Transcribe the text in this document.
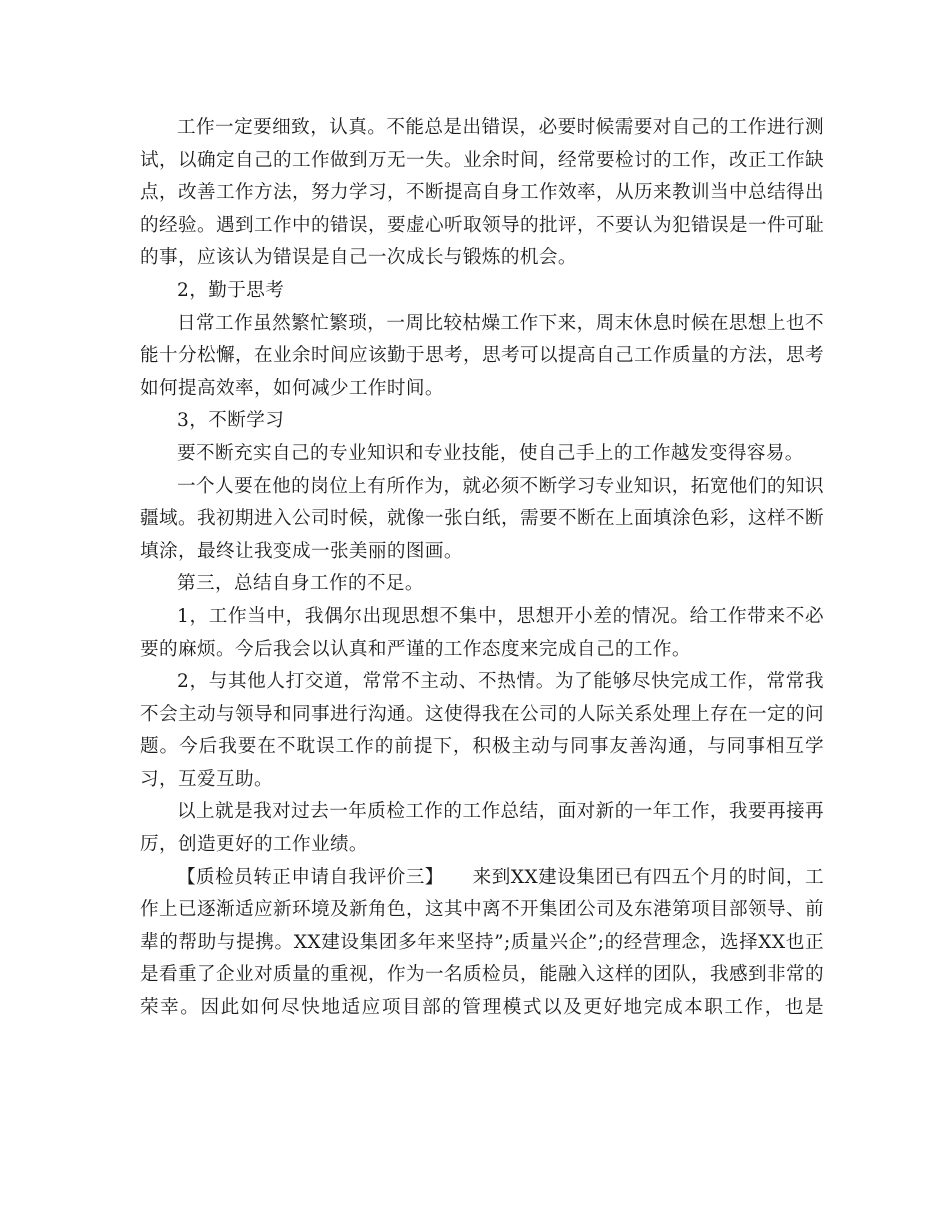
工作一定要细致，认真。不能总是出错误，必要时候需要对自己的工作进行测试，以确定自己的工作做到万无一失。业余时间，经常要检讨的工作，改正工作缺点，改善工作方法，努力学习，不断提高自身工作效率，从历来教训当中总结得出的经验。遇到工作中的错误，要虚心听取领导的批评，不要认为犯错误是一件可耻的事，应该认为错误是自己一次成长与锻炼的机会。

2，勤于思考

日常工作虽然繁忙繁琐，一周比较枯燥工作下来，周末休息时候在思想上也不能十分松懈，在业余时间应该勤于思考，思考可以提高自己工作质量的方法，思考如何提高效率，如何减少工作时间。

3，不断学习

要不断充实自己的专业知识和专业技能，使自己手上的工作越发变得容易。

一个人要在他的岗位上有所作为，就必须不断学习专业知识，拓宽他们的知识疆域。我初期进入公司时候，就像一张白纸，需要不断在上面填涂色彩，这样不断填涂，最终让我变成一张美丽的图画。

第三，总结自身工作的不足。

1，工作当中，我偶尔出现思想不集中，思想开小差的情况。给工作带来不必要的麻烦。今后我会以认真和严谨的工作态度来完成自己的工作。

2，与其他人打交道，常常不主动、不热情。为了能够尽快完成工作，常常我不会主动与领导和同事进行沟通。这使得我在公司的人际关系处理上存在一定的问题。今后我要在不耽误工作的前提下，积极主动与同事友善沟通，与同事相互学习，互爱互助。

以上就是我对过去一年质检工作的工作总结，面对新的一年工作，我要再接再厉，创造更好的工作业绩。

【质检员转正申请自我评价三】　　来到XX建设集团已有四五个月的时间，工作上已逐渐适应新环境及新角色，这其中离不开集团公司及东港第项目部领导、前辈的帮助与提携。XX建设集团多年来坚持”;质量兴企”;的经营理念，选择XX也正是看重了企业对质量的重视，作为一名质检员，能融入这样的团队，我感到非常的荣幸。因此如何尽快地适应项目部的管理模式以及更好地完成本职工作，也是
